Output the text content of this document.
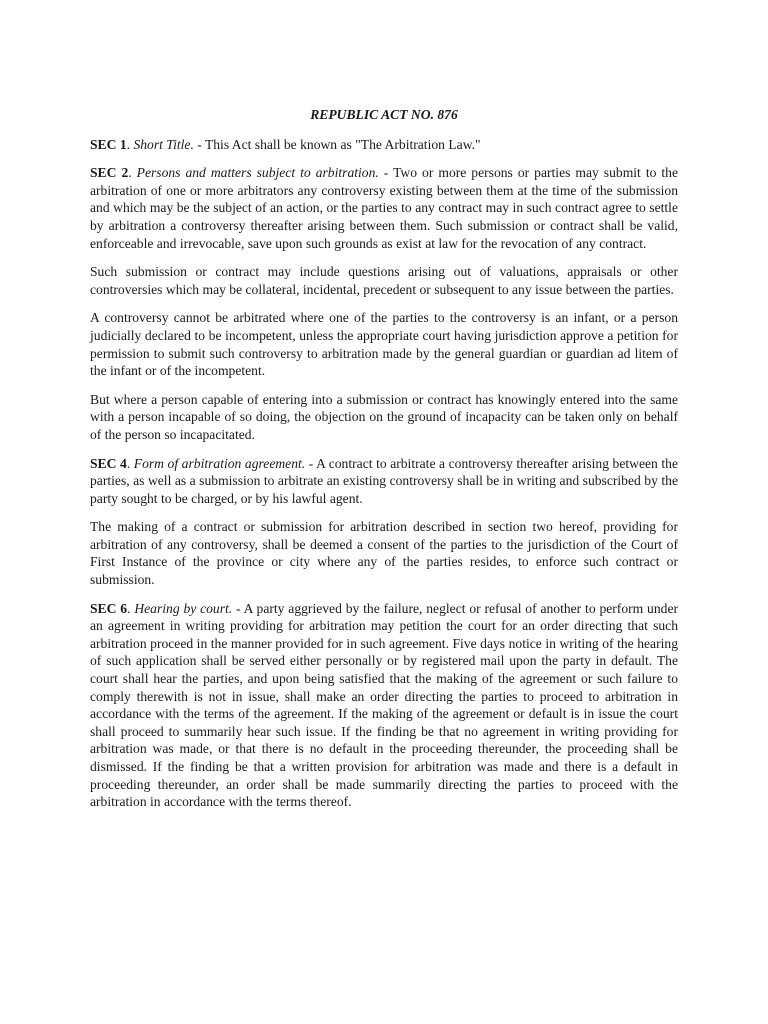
REPUBLIC ACT NO. 876

SEC 1. Short Title. - This Act shall be known as "The Arbitration Law."

SEC 2. Persons and matters subject to arbitration. - Two or more persons or parties may submit to the arbitration of one or more arbitrators any controversy existing between them at the time of the submission and which may be the subject of an action, or the parties to any contract may in such contract agree to settle by arbitration a controversy thereafter arising between them. Such submission or contract shall be valid, enforceable and irrevocable, save upon such grounds as exist at law for the revocation of any contract.

Such submission or contract may include questions arising out of valuations, appraisals or other controversies which may be collateral, incidental, precedent or subsequent to any issue between the parties.

A controversy cannot be arbitrated where one of the parties to the controversy is an infant, or a person judicially declared to be incompetent, unless the appropriate court having jurisdiction approve a petition for permission to submit such controversy to arbitration made by the general guardian or guardian ad litem of the infant or of the incompetent.

But where a person capable of entering into a submission or contract has knowingly entered into the same with a person incapable of so doing, the objection on the ground of incapacity can be taken only on behalf of the person so incapacitated.

SEC 4. Form of arbitration agreement. - A contract to arbitrate a controversy thereafter arising between the parties, as well as a submission to arbitrate an existing controversy shall be in writing and subscribed by the party sought to be charged, or by his lawful agent.

The making of a contract or submission for arbitration described in section two hereof, providing for arbitration of any controversy, shall be deemed a consent of the parties to the jurisdiction of the Court of First Instance of the province or city where any of the parties resides, to enforce such contract or submission.

SEC 6. Hearing by court. - A party aggrieved by the failure, neglect or refusal of another to perform under an agreement in writing providing for arbitration may petition the court for an order directing that such arbitration proceed in the manner provided for in such agreement. Five days notice in writing of the hearing of such application shall be served either personally or by registered mail upon the party in default. The court shall hear the parties, and upon being satisfied that the making of the agreement or such failure to comply therewith is not in issue, shall make an order directing the parties to proceed to arbitration in accordance with the terms of the agreement. If the making of the agreement or default is in issue the court shall proceed to summarily hear such issue. If the finding be that no agreement in writing providing for arbitration was made, or that there is no default in the proceeding thereunder, the proceeding shall be dismissed. If the finding be that a written provision for arbitration was made and there is a default in proceeding thereunder, an order shall be made summarily directing the parties to proceed with the arbitration in accordance with the terms thereof.
